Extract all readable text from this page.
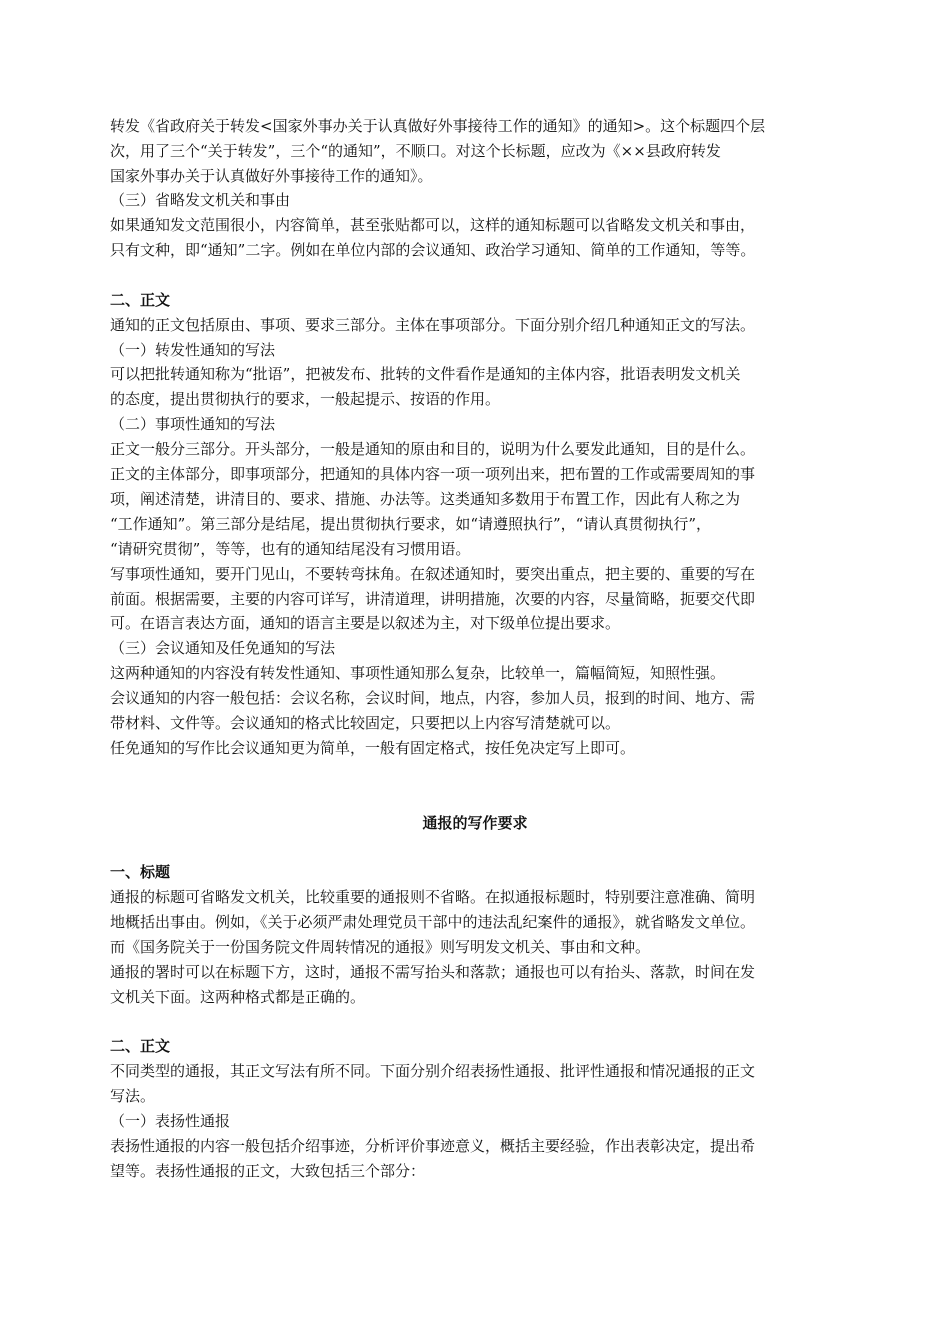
转发《省政府关于转发<国家外事办关于认真做好外事接待工作的通知》的通知>。这个标题四个层
次，用了三个“关于转发”，三个“的通知”，不顺口。对这个长标题，应改为《××县政府转发
国家外事办关于认真做好外事接待工作的通知》。
（三）省略发文机关和事由
如果通知发文范围很小，内容简单，甚至张贴都可以，这样的通知标题可以省略发文机关和事由，
只有文种，即“通知”二字。例如在单位内部的会议通知、政治学习通知、简单的工作通知，等等。
二、正文
通知的正文包括原由、事项、要求三部分。主体在事项部分。下面分别介绍几种通知正文的写法。
（一）转发性通知的写法
可以把批转通知称为“批语”，把被发布、批转的文件看作是通知的主体内容，批语表明发文机关
的态度，提出贯彻执行的要求，一般起提示、按语的作用。
（二）事项性通知的写法
正文一般分三部分。开头部分，一般是通知的原由和目的，说明为什么要发此通知，目的是什么。
正文的主体部分，即事项部分，把通知的具体内容一项一项列出来，把布置的工作或需要周知的事
项，阐述清楚，讲清目的、要求、措施、办法等。这类通知多数用于布置工作，因此有人称之为
“工作通知”。第三部分是结尾，提出贯彻执行要求，如“请遵照执行”，“请认真贯彻执行”，
“请研究贯彻”，等等，也有的通知结尾没有习惯用语。
写事项性通知，要开门见山，不要转弯抹角。在叙述通知时，要突出重点，把主要的、重要的写在
前面。根据需要，主要的内容可详写，讲清道理，讲明措施，次要的内容，尽量简略，扼要交代即
可。在语言表达方面，通知的语言主要是以叙述为主，对下级单位提出要求。
（三）会议通知及任免通知的写法
这两种通知的内容没有转发性通知、事项性通知那么复杂，比较单一，篇幅简短，知照性强。
会议通知的内容一般包括：会议名称，会议时间，地点，内容，参加人员，报到的时间、地方、需
带材料、文件等。会议通知的格式比较固定，只要把以上内容写清楚就可以。
任免通知的写作比会议通知更为简单，一般有固定格式，按任免决定写上即可。
通报的写作要求
一、标题
通报的标题可省略发文机关，比较重要的通报则不省略。在拟通报标题时，特别要注意准确、简明
地概括出事由。例如，《关于必须严肃处理党员干部中的违法乱纪案件的通报》，就省略发文单位。
而《国务院关于一份国务院文件周转情况的通报》则写明发文机关、事由和文种。
通报的署时可以在标题下方，这时，通报不需写抬头和落款；通报也可以有抬头、落款，时间在发
文机关下面。这两种格式都是正确的。
二、正文
不同类型的通报，其正文写法有所不同。下面分别介绍表扬性通报、批评性通报和情况通报的正文
写法。
（一）表扬性通报
表扬性通报的内容一般包括介绍事迹，分析评价事迹意义，概括主要经验，作出表彰决定，提出希
望等。表扬性通报的正文，大致包括三个部分：
